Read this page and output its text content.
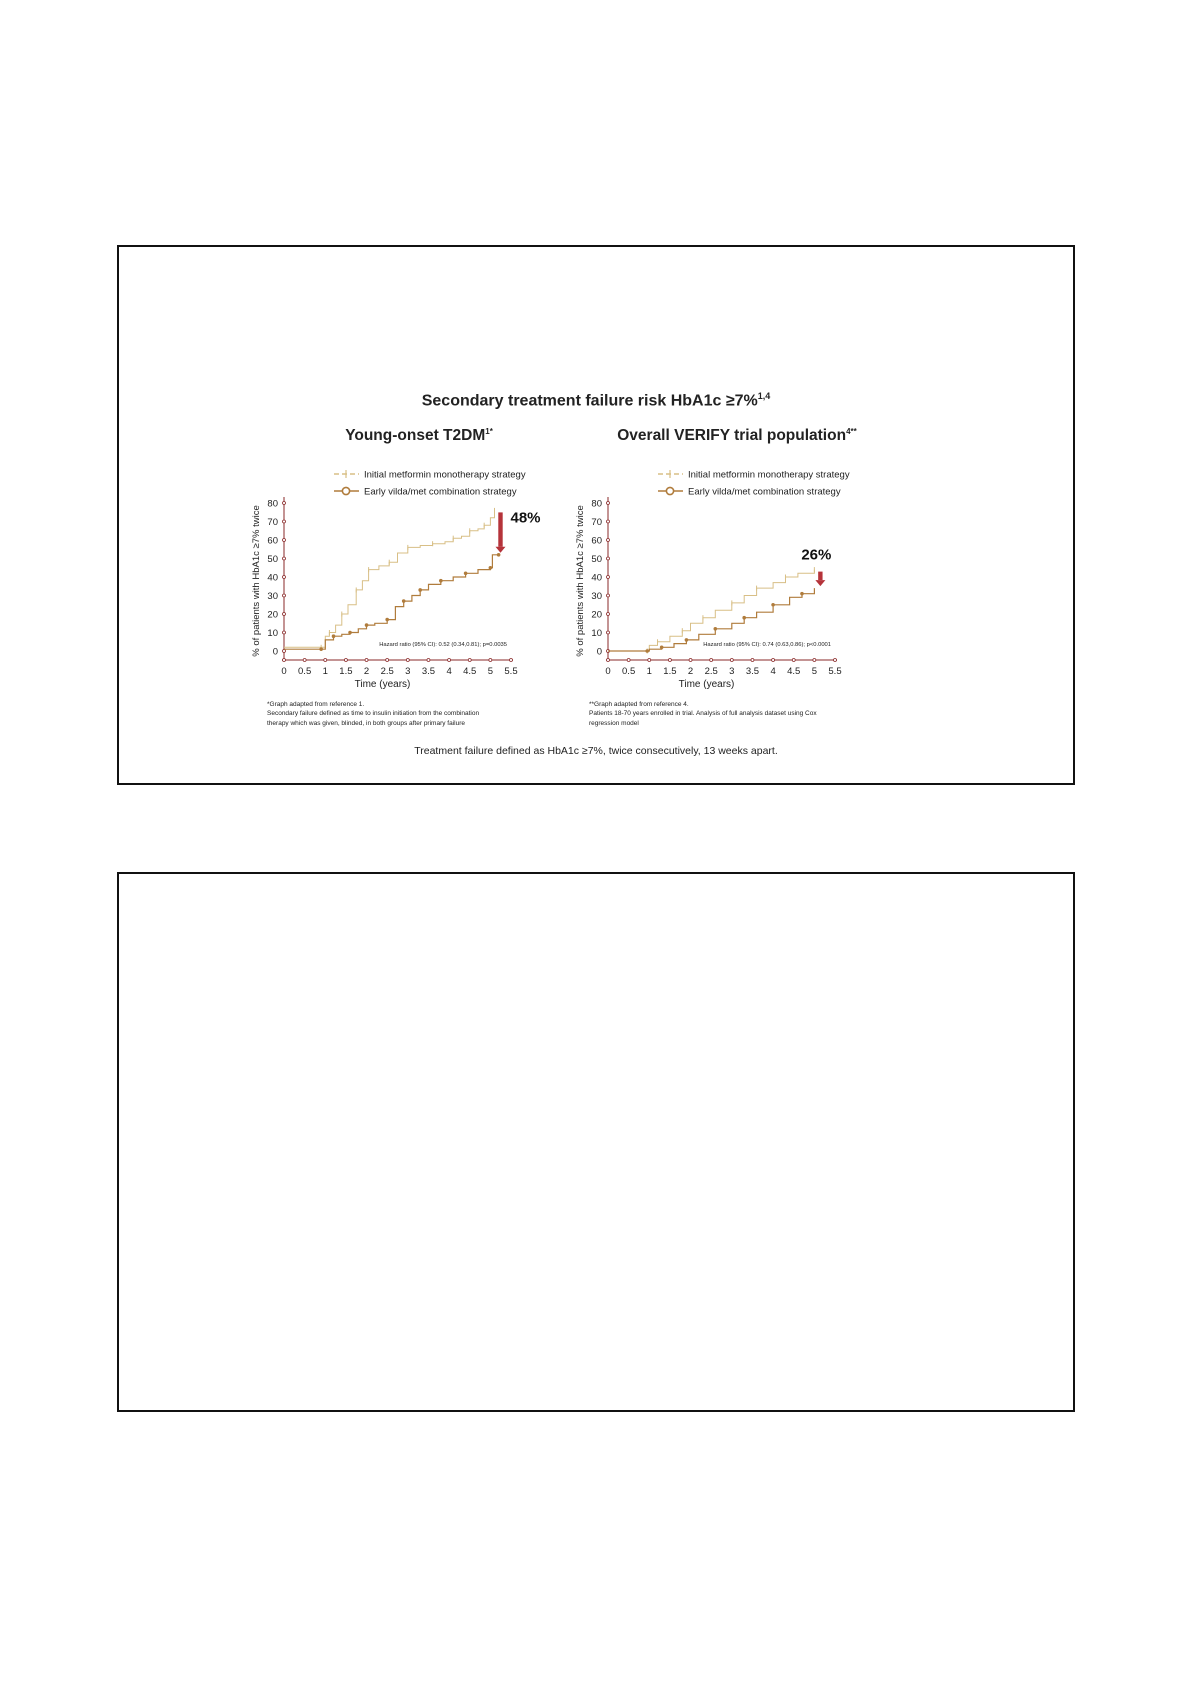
Secondary treatment failure risk HbA1c ≥7%$^{1,4}$
Young-onset $T2DM^{1*}$	Overall VERIFY trial population$^{4**}$
Initial metformin monotherapy strategy
Early vilda/met combination strategy
0
10
20
30
40
50
60
70
80
0 0.5 1 1.5 2 2.5 3 3.5 4 4.5 5 5.5
Time (years)
% of patients with HbA1c ≥7% twice	Hazard ratio (95% CI): 0.52 (0.34,0.81); p=0.0035
48%
Initial metformin monotherapy strategy
Early vilda/met combination strategy
0
10
20
30
40
50
60
70
80
0 0.5 1 1.5 2 2.5 3 3.5 4 4.5 5 5.5
Time (years)
% of patients with HbA1c ≥7% twice	Hazard ratio (95% CI): 0.74 (0.63,0.86); p<0.0001
26%
*Graph adapted from reference 1.
Secondary failure defined as time to insulin initiation from the combination
therapy which was given, blinded, in both groups after primary failure
**Graph adapted from reference 4.
Patients 18-70 years enrolled in trial. Analysis of full analysis dataset using Cox
regression model
Treatment failure defined as HbA1c ≥7%, twice consecutively, 13 weeks apart.
